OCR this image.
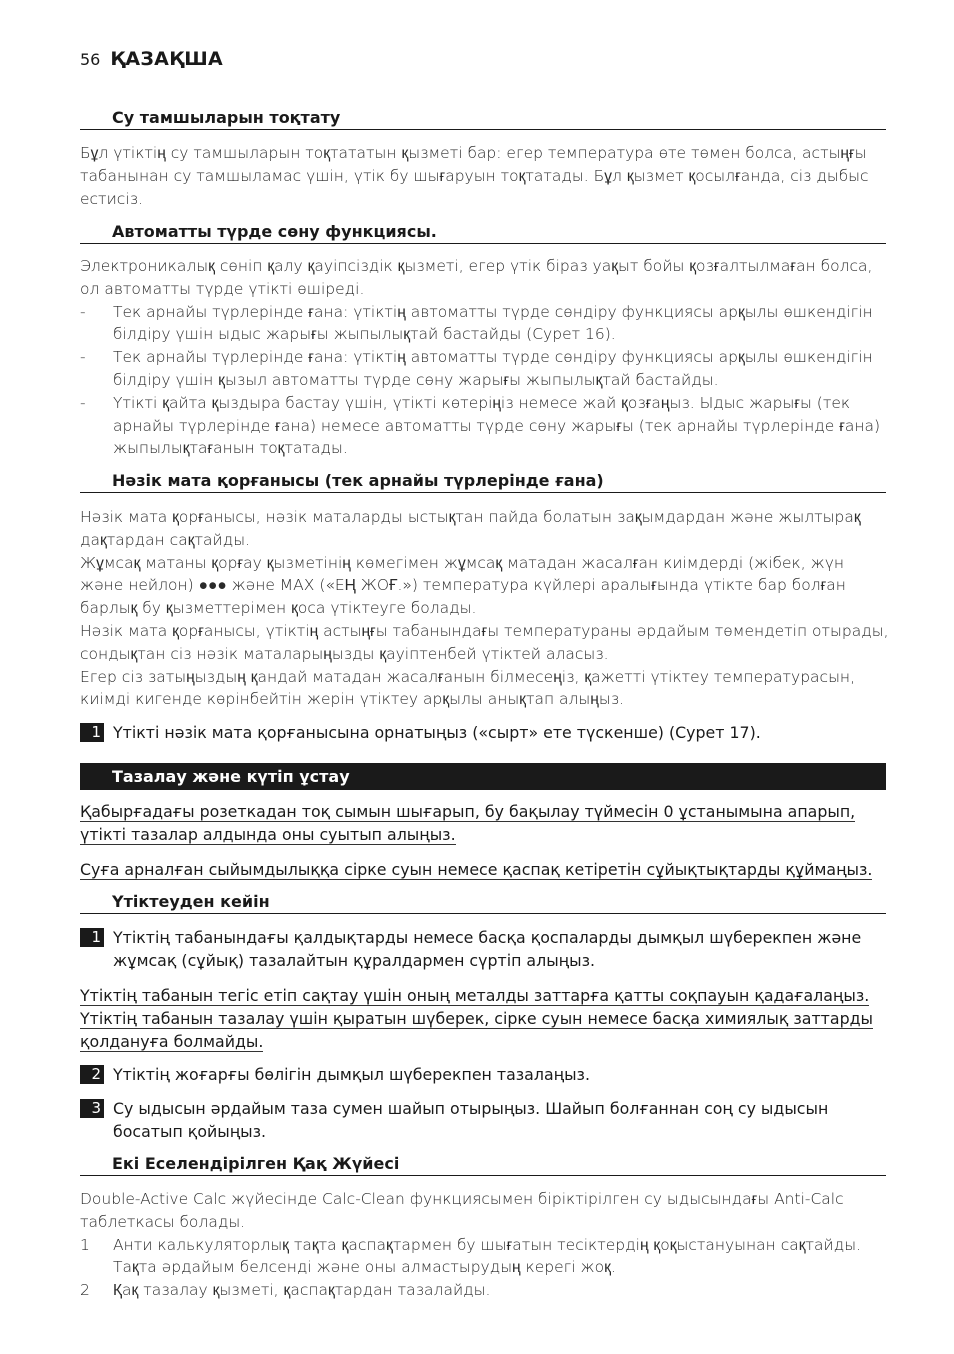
56 ҚАЗАҚША
Су тамшыларын тоқтату

Бұл үтіктің су тамшыларын тоқтататын қызметі бар: егер температура өте төмен болса, астыңғы табанынан су тамшыламас үшін, үтік бу шығаруын тоқтатады. Бұл қызмет қосылғанда, сіз дыбыс естисіз.

Автоматты түрде сөну функциясы.

Электроникалық сөніп қалу қауіпсіздік қызметі, егер үтік біраз уақыт бойы қозғалтылмаған болса, ол автоматты түрде үтікті өшіреді.

- Тек арнайы түрлерінде ғана: үтіктің автоматты түрде сөндіру функциясы арқылы өшкендігін білдіру үшін ыдыс жарығы жыпылықтай бастайды (Сурет 16).
- Тек арнайы түрлерінде ғана: үтіктің автоматты түрде сөндіру функциясы арқылы өшкендігін білдіру үшін қызыл автоматты түрде сөну жарығы жыпылықтай бастайды.
- Үтікті қайта қыздыра бастау үшін, үтікті көтеріңіз немесе жай қозғаңыз. Ыдыс жарығы (тек арнайы түрлерінде ғана) немесе автоматты түрде сөну жарығы (тек арнайы түрлерінде ғана) жыпылықтағанын тоқтатады.
Нәзік мата қорғанысы (тек арнайы түрлерінде ғана)

Нәзік мата қорғанысы, нәзік маталарды ыстықтан пайда болатын зақымдардан және жылтырақ дақтардан сақтайды.

Жұмсақ матаны қорғау қызметінің көмегімен жұмсақ матадан жасалған киімдерді (жібек, жүн және нейлон) ●●● және MAX («ЕҢ ЖОҒ.») температура күйлері аралығында үтікте бар болған барлық бу қызметтерімен қоса үтіктеуге болады.

Нәзік мата қорғанысы, үтіктің астыңғы табанындағы температураны әрдайым төмендетіп отырады, сондықтан сіз нәзік маталарыңызды қауіптенбей үтіктей аласыз.

Егер сіз затыңыздың қандай матадан жасалғанын білмесеңіз, қажетті үтіктеу температурасын, киімді кигенде көрінбейтін жерін үтіктеу арқылы анықтап алыңыз.

1 Үтікті нәзік мата қорғанысына орнатыңыз («сырт» ете түскенше) (Сурет 17).
Тазалау және күтіп ұстау
Қабырғадағы розеткадан тоқ сымын шығарып, бу бақылау түймесін 0 ұстанымына апарып, үтікті тазалар алдында оны суытып алыңыз.
Суға арналған сыйымдылыққа сірке суын немесе қаспақ кетіретін сұйықтықтарды құймаңыз.
Үтіктеуден кейін
1 Үтіктің табанындағы қалдықтарды немесе басқа қоспаларды дымқыл шүберекпен және жұмсақ (сұйық) тазалайтын құралдармен сүртіп алыңыз.
Үтіктің табанын тегіс етіп сақтау үшін оның металды заттарға қатты соқпауын қадағалаңыз. Үтіктің табанын тазалау үшін қыратын шүберек, сірке суын немесе басқа химиялық заттарды қолдануға болмайды.
2 Үтіктің жоғарғы бөлігін дымқыл шүберекпен тазалаңыз.
3 Су ыдысын әрдайым таза сумен шайып отырыңыз. Шайып болғаннан соң су ыдысын босатып қойыңыз.
Екі Еселендірілген Қақ Жүйесі

Double-Active Calc жүйесінде Calc-Clean функциясымен біріктірілген су ыдысындағы Anti-Calc таблеткасы болады.

1 Анти калькуляторлық тақта қаспақтармен бу шығатын тесіктердің қоқыстануынан сақтайды. Тақта әрдайым белсенді және оны алмастырудың керегі жоқ.
2 Қақ тазалау қызметі, қаспақтардан тазалайды.
